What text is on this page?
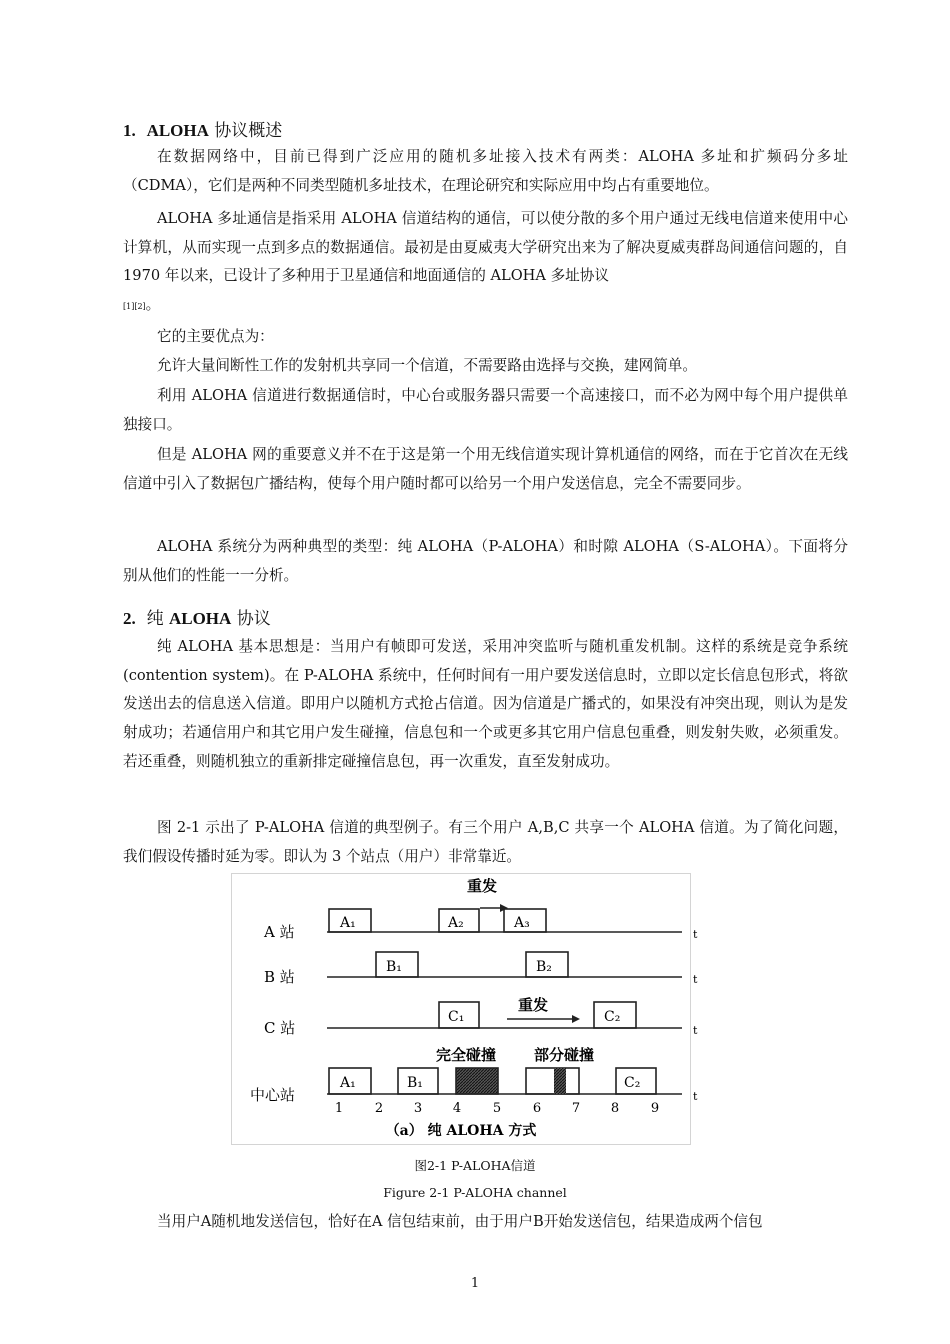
1. ALOHA 协议概述

在数据网络中，目前已得到广泛应用的随机多址接入技术有两类：ALOHA 多址和扩频码分多址（CDMA），它们是两种不同类型随机多址技术，在理论研究和实际应用中均占有重要地位。

ALOHA 多址通信是指采用 ALOHA 信道结构的通信，可以使分散的多个用户通过无线电信道来使用中心计算机，从而实现一点到多点的数据通信。最初是由夏威夷大学研究出来为了解决夏威夷群岛间通信问题的，自 1970 年以来，已设计了多种用于卫星通信和地面通信的 ALOHA 多址协议
[1][2]。

它的主要优点为：

允许大量间断性工作的发射机共享同一个信道，不需要路由选择与交换，建网简单。

利用 ALOHA 信道进行数据通信时，中心台或服务器只需要一个高速接口，而不必为网中每个用户提供单独接口。

但是 ALOHA 网的重要意义并不在于这是第一个用无线信道实现计算机通信的网络，而在于它首次在无线信道中引入了数据包广播结构，使每个用户随时都可以给另一个用户发送信息，完全不需要同步。

ALOHA 系统分为两种典型的类型：纯 ALOHA（P-ALOHA）和时隙 ALOHA（S-ALOHA）。下面将分别从他们的性能一一分析。

2. 纯 ALOHA 协议

纯 ALOHA 基本思想是：当用户有帧即可发送，采用冲突监听与随机重发机制。这样的系统是竞争系统(contention system)。在 P-ALOHA 系统中，任何时间有一用户要发送信息时，立即以定长信息包形式，将欲发送出去的信息送入信道。即用户以随机方式抢占信道。因为信道是广播式的，如果没有冲突出现，则认为是发射成功；若通信用户和其它用户发生碰撞，信息包和一个或更多其它用户信息包重叠，则发射失败，必须重发。若还重叠，则随机独立的重新排定碰撞信息包，再一次重发，直至发射成功。

图 2-1 示出了 P-ALOHA 信道的典型例子。有三个用户 A,B,C 共享一个 ALOHA 信道。为了简化问题，我们假设传播时延为零。即认为 3 个站点（用户）非常靠近。

A 站
B 站
C 站
中心站
t
t
t
t
重发
重发
完全碰撞	部分碰撞
A₁	A₂	A₃
B₁	B₂
C₁	C₂
A₁	B₁	C₂
1 2 3 4 5 6 7 8 9
（a） 纯 ALOHA 方式
图2-1 P-ALOHA信道
Figure 2-1 P-ALOHA channel

当用户A随机地发送信包，恰好在A 信包结束前，由于用户B开始发送信包，结果造成两个信包

1
